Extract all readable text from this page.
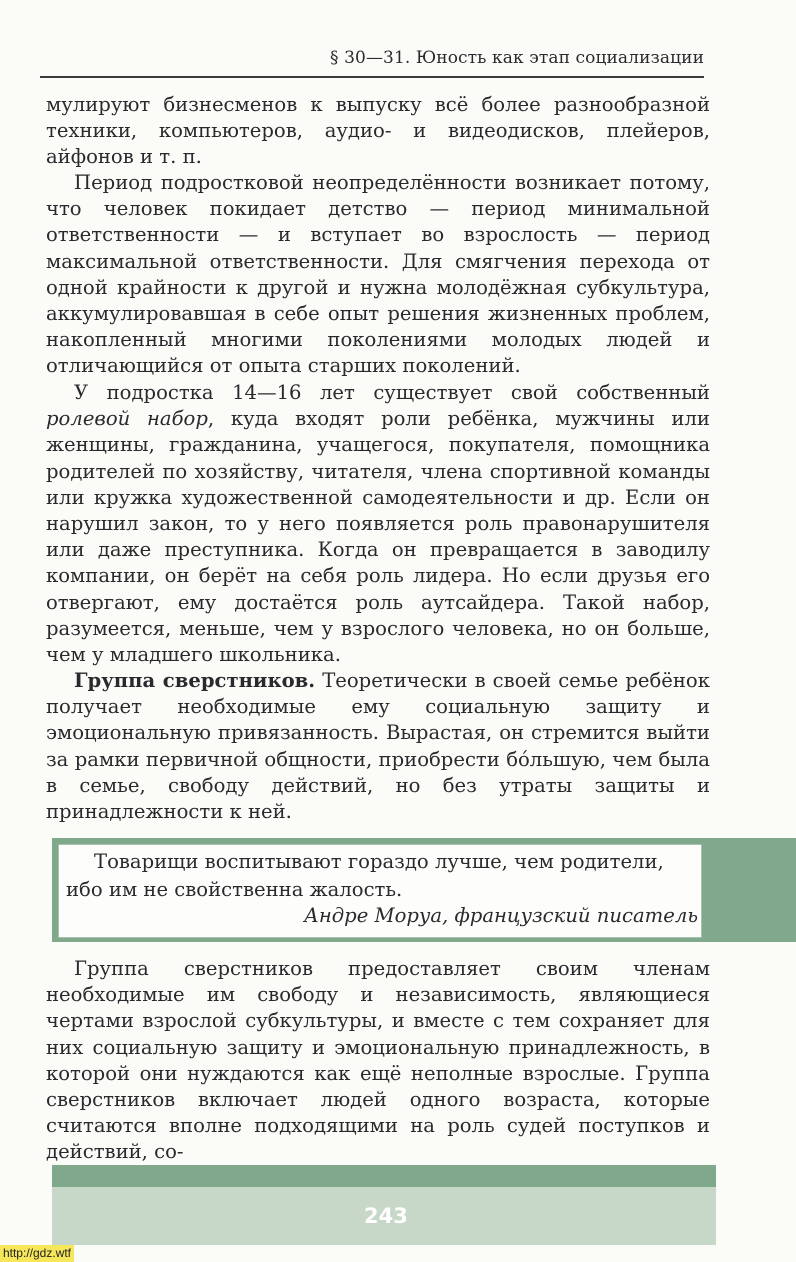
§ 30—31. Юность как этап социализации

мулируют бизнесменов к выпуску всё более разнообразной техники, компьютеров, аудио- и видеодисков, плейеров, айфонов и т. п.

Период подростковой неопределённости возникает потому, что человек покидает детство — период минимальной ответственности — и вступает во взрослость — период максимальной ответственности. Для смягчения перехода от одной крайности к другой и нужна молодёжная субкультура, аккумулировавшая в себе опыт решения жизненных проблем, накопленный многими поколениями молодых людей и отличающийся от опыта старших поколений.

У подростка 14—16 лет существует свой собственный ролевой набор, куда входят роли ребёнка, мужчины или женщины, гражданина, учащегося, покупателя, помощника родителей по хозяйству, читателя, члена спортивной команды или кружка художественной самодеятельности и др. Если он нарушил закон, то у него появляется роль правонарушителя или даже преступника. Когда он превращается в заводилу компании, он берёт на себя роль лидера. Но если друзья его отвергают, ему достаётся роль аутсайдера. Такой набор, разумеется, меньше, чем у взрослого человека, но он больше, чем у младшего школьника.

Группа сверстников. Теоретически в своей семье ребёнок получает необходимые ему социальную защиту и эмоциональную привязанность. Вырастая, он стремится выйти за рамки первичной общности, приобрести бóльшую, чем была в семье, свободу действий, но без утраты защиты и принадлежности к ней.

Товарищи воспитывают гораздо лучше, чем родители, ибо им не свойственна жалость.

Андре Моруа, французский писатель

Группа сверстников предоставляет своим членам необходимые им свободу и независимость, являющиеся чертами взрослой субкультуры, и вместе с тем сохраняет для них социальную защиту и эмоциональную принадлежность, в которой они нуждаются как ещё неполные взрослые. Группа сверстников включает людей одного возраста, которые считаются вполне подходящими на роль судей поступков и действий, со-

243
http://gdz.wtf
